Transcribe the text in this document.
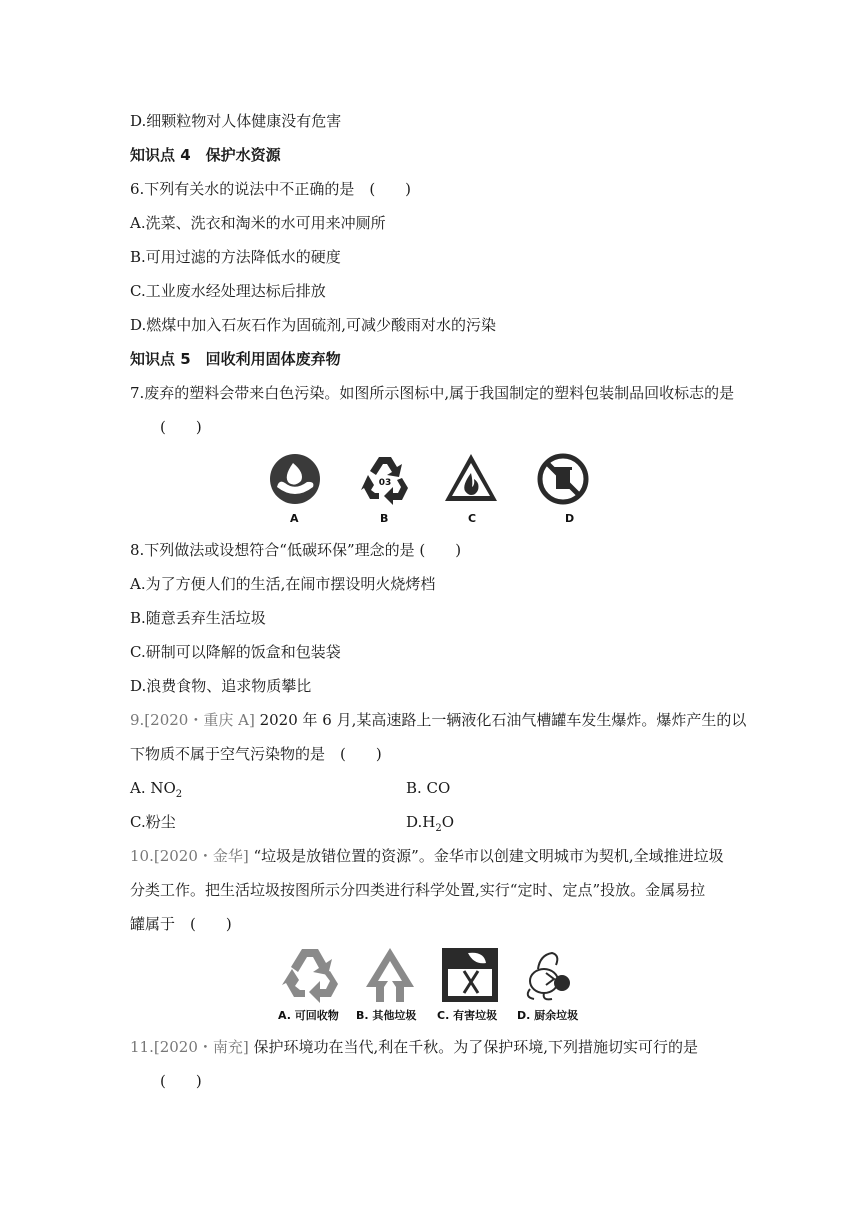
D.细颗粒物对人体健康没有危害
知识点 4　保护水资源
6.下列有关水的说法中不正确的是　(　　)
A.洗菜、洗衣和淘米的水可用来冲厕所
B.可用过滤的方法降低水的硬度
C.工业废水经处理达标后排放
D.燃煤中加入石灰石作为固硫剂,可减少酸雨对水的污染
知识点 5　回收利用固体废弃物
7.废弃的塑料会带来白色污染。如图所示图标中,属于我国制定的塑料包装制品回收标志的是
(　　)
03
A	B	C	D
8.下列做法或设想符合“低碳环保”理念的是 (　　)
A.为了方便人们的生活,在闹市摆设明火烧烤档
B.随意丢弃生活垃圾
C.研制可以降解的饭盒和包装袋
D.浪费食物、追求物质攀比
9.[2020・重庆 A] 2020 年 6 月,某高速路上一辆液化石油气槽罐车发生爆炸。爆炸产生的以
下物质不属于空气污染物的是　(　　)
A. $NO_2$	B. CO
C.粉尘	$D.H_2O$
10.[2020・金华] “垃圾是放错位置的资源”。金华市以创建文明城市为契机,全域推进垃圾
分类工作。把生活垃圾按图所示分四类进行科学处置,实行“定时、定点”投放。金属易拉
罐属于　(　　)
A. 可回收物 B. 其他垃圾 C. 有害垃圾 D. 厨余垃圾
11.[2020・南充] 保护环境功在当代,利在千秋。为了保护环境,下列措施切实可行的是
(　　)
